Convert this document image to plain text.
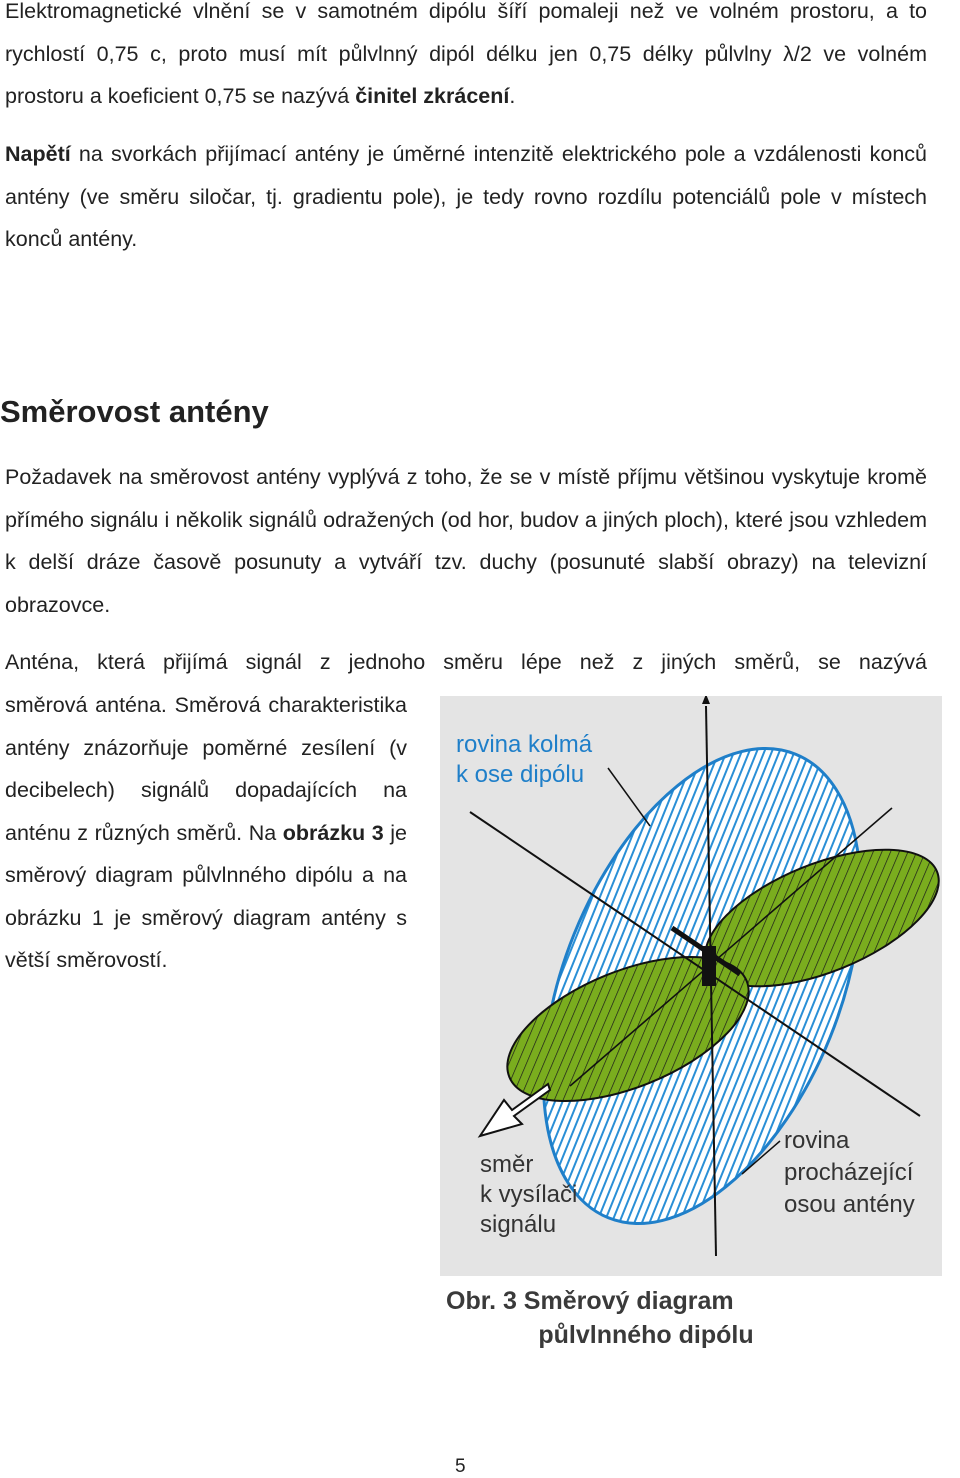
Elektromagnetické vlnění se v samotném dipólu šíří pomaleji než ve volném prostoru, a to rychlostí 0,75 c, proto musí mít půlvlnný dipól délku jen 0,75 délky půlvlny λ/2 ve volném prostoru a koeficient 0,75 se nazývá činitel zkrácení.

Napětí na svorkách přijímací antény je úměrné intenzitě elektrického pole a vzdálenosti konců antény (ve směru siločar, tj. gradientu pole), je tedy rovno rozdílu potenciálů pole v místech konců antény.

Směrovost antény

Požadavek na směrovost antény vyplývá z toho, že se v místě příjmu většinou vyskytuje kromě přímého signálu i několik signálů odražených (od hor, budov a jiných ploch), které jsou vzhledem k delší dráze časově posunuty a vytváří tzv. duchy (posunuté slabší obrazy) na televizní obrazovce.

Anténa, která přijímá signál z jednoho směru lépe než z jiných směrů, se nazývá

směrová anténa. Směrová charakteristika antény znázorňuje poměrné zesílení (v decibelech) signálů dopadajících na anténu z různých směrů. Na obrázku 3 je směrový diagram půlvlnného dipólu a na obrázku 1 je směrový diagram antény s větší směrovostí.

rovina kolmá
k ose dipólu
směr
k vysílači
signálu
rovina
procházející
osou antény

Obr. 3 Směrový diagram
půlvlnného dipólu

5
